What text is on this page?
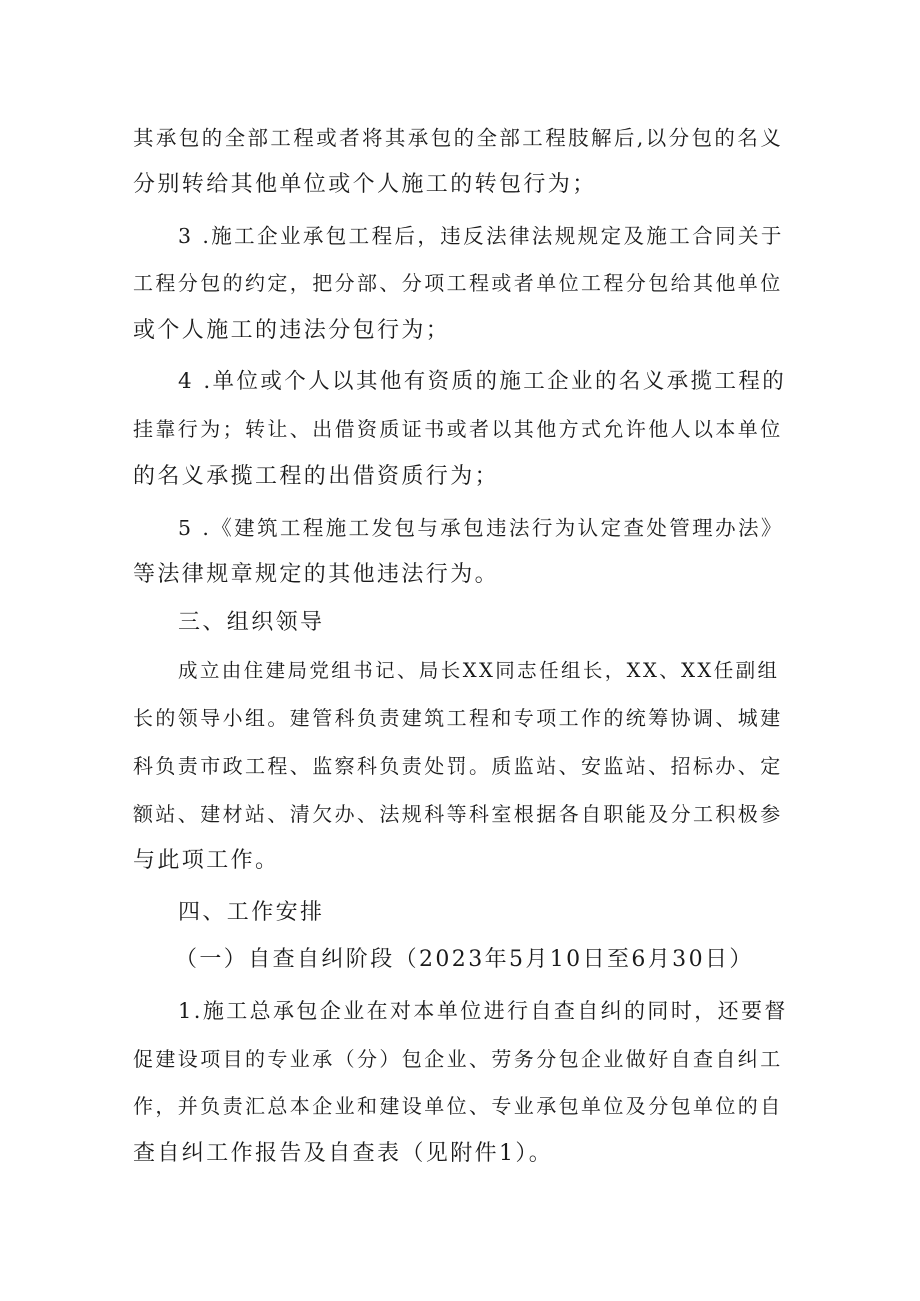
其承包的全部工程或者将其承包的全部工程肢解后,以分包的名义
分别转给其他单位或个人施工的转包行为；
3 .施工企业承包工程后，违反法律法规规定及施工合同关于
工程分包的约定，把分部、分项工程或者单位工程分包给其他单位
或个人施工的违法分包行为；
4 .单位或个人以其他有资质的施工企业的名义承揽工程的
挂靠行为；转让、出借资质证书或者以其他方式允许他人以本单位
的名义承揽工程的出借资质行为；
5 .《建筑工程施工发包与承包违法行为认定查处管理办法》
等法律规章规定的其他违法行为。
三、组织领导
成立由住建局党组书记、局长XX同志任组长，XX、XX任副组
长的领导小组。建管科负责建筑工程和专项工作的统筹协调、城建
科负责市政工程、监察科负责处罚。质监站、安监站、招标办、定
额站、建材站、清欠办、法规科等科室根据各自职能及分工积极参
与此项工作。
四、工作安排
（一）自查自纠阶段（2023年5月10日至6月30日）
1.施工总承包企业在对本单位进行自查自纠的同时，还要督
促建设项目的专业承（分）包企业、劳务分包企业做好自查自纠工
作，并负责汇总本企业和建设单位、专业承包单位及分包单位的自
查自纠工作报告及自查表（见附件1）。
